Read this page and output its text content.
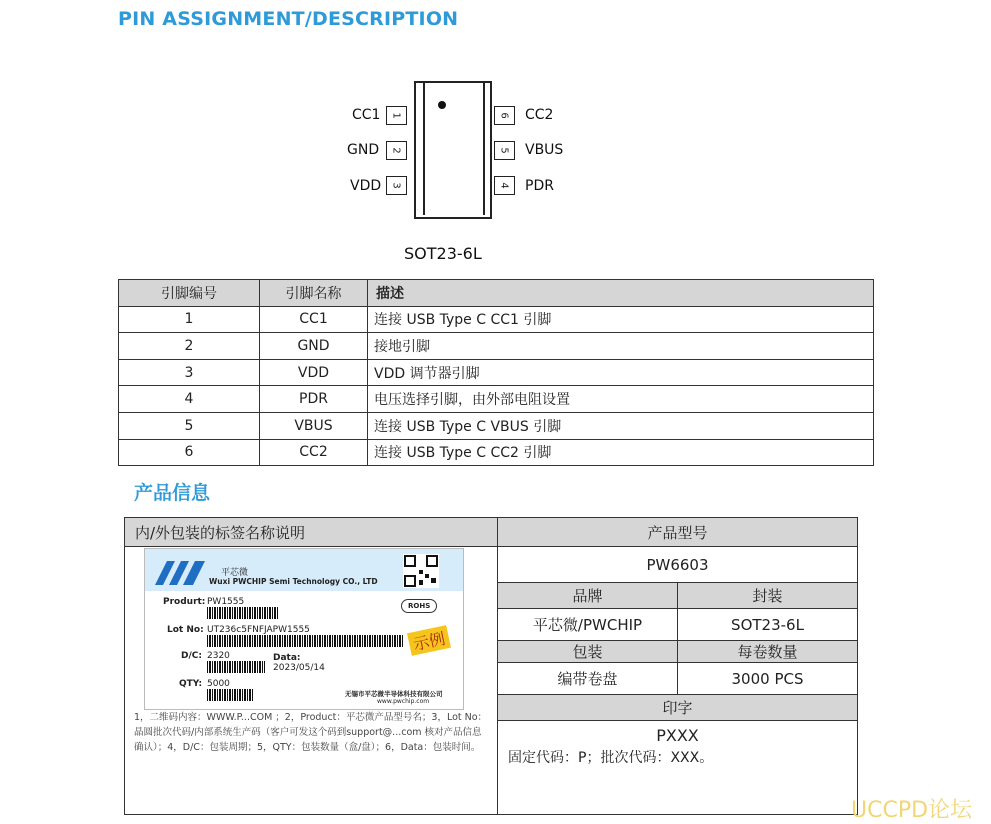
PIN ASSIGNMENT/DESCRIPTION
1
2
3
CC1
GND
VDD
6
5
4
CC2
VBUS
PDR
SOT23-6L
引脚编号	引脚名称	描述
1	CC1	连接 USB Type C CC1 引脚
2	GND	接地引脚
3	VDD	VDD 调节器引脚
4	PDR	电压选择引脚，由外部电阻设置
5	VBUS	连接 USB Type C VBUS 引脚
6	CC2	连接 USB Type C CC2 引脚
产品信息
内/外包装的标签名称说明	产品型号
PW6603
品牌	封装
平芯微/PWCHIP	SOT23-6L
包装	每卷数量
编带卷盘	3000 PCS
印字
PXXX
固定代码：P；批次代码：XXX。
平芯微
Wuxi PWCHIP Semi Technology CO., LTD
Produrt: PW1555	ROHS
Lot No: UT236c5FNFJAPW1555	示例
D/C: 2320	Data:
2023/05/14
QTY: 5000
无锡市平芯微半导体科技有限公司
www.pwchip.com
1，二维码内容：WWW.P...COM ；2，Product：平芯微产品型号名；3，Lot No：晶圆批次代码/内部系统生产码（客户可发这个码到support@...com 核对产品信息确认）；4，D/C：包装周期；5，QTY：包装数量（盒/盘）；6，Data：包装时间。
UCCPD论坛
